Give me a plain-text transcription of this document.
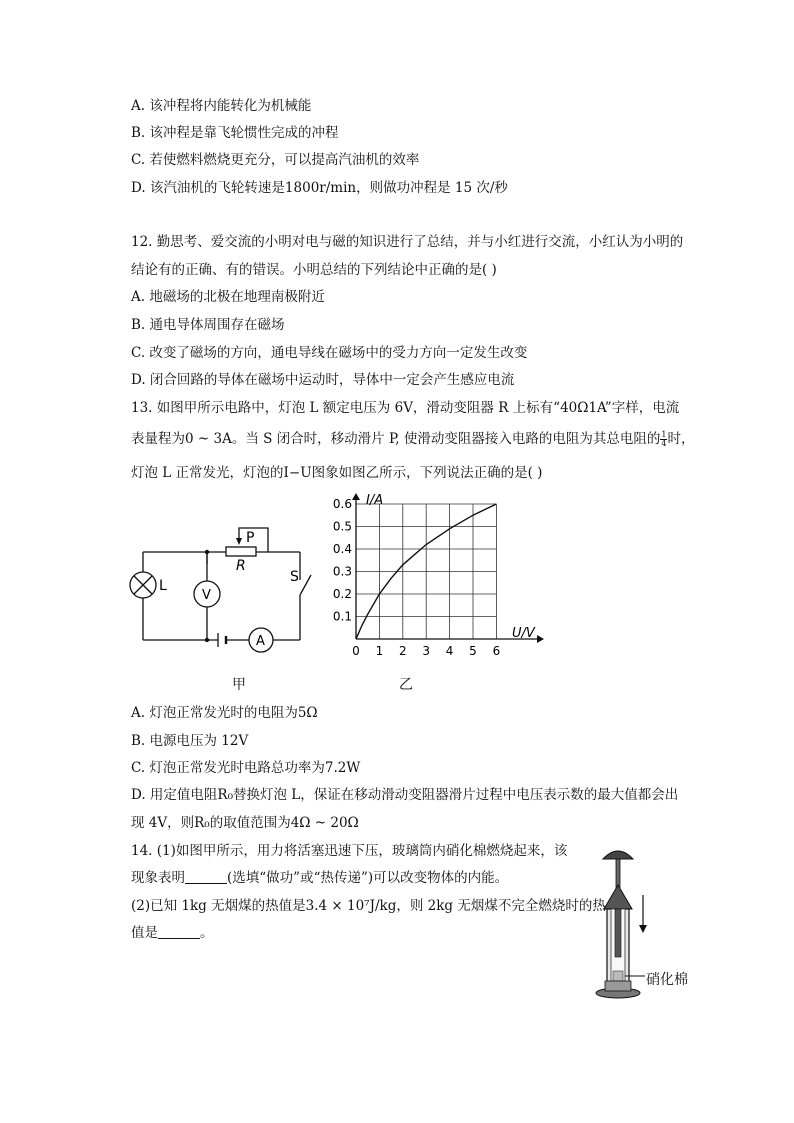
A. 该冲程将内能转化为机械能
B. 该冲程是靠飞轮惯性完成的冲程
C. 若使燃料燃烧更充分，可以提高汽油机的效率
D. 该汽油机的飞轮转速是1800r/min，则做功冲程是 15 次/秒
12. 勤思考、爱交流的小明对电与磁的知识进行了总结，并与小红进行交流，小红认为小明的
结论有的正确、有的错误。小明总结的下列结论中正确的是( )
A. 地磁场的北极在地理南极附近
B. 通电导体周围存在磁场
C. 改变了磁场的方向，通电导线在磁场中的受力方向一定发生改变
D. 闭合回路的导体在磁场中运动时，导体中一定会产生感应电流
13. 如图甲所示电路中，灯泡 L 额定电压为 6V，滑动变阻器 R 上标有“40Ω1A”字样，电流
表量程为0 ~ 3A。当 S 闭合时，移动滑片 P, 使滑动变阻器接入电路的电阻为其总电阻的 $\frac{1}{4}$ 时，
灯泡 L 正常发光，灯泡的I−U图象如图乙所示，下列说法正确的是( )
L
V
A
P
R
S
甲
0.1
0.2
0.3
0.4
0.5
0.6
0 1 2 3 4 5 6
I/A
U/V
乙
A. 灯泡正常发光时的电阻为5Ω
B. 电源电压为 12V
C. 灯泡正常发光时电路总功率为7.2W
D. 用定值电阻R₀替换灯泡 L，保证在移动滑动变阻器滑片过程中电压表示数的最大值都会出
现 4V，则R₀的取值范围为4Ω ~ 20Ω
14. (1)如图甲所示，用力将活塞迅速下压，玻璃筒内硝化棉燃烧起来，该
现象表明	(选填“做功”或“热传递”)可以改变物体的内能。
(2)已知 1kg 无烟煤的热值是3.4 × 10⁷J/kg，则 2kg 无烟煤不完全燃烧时的热
值是	。
硝化棉
